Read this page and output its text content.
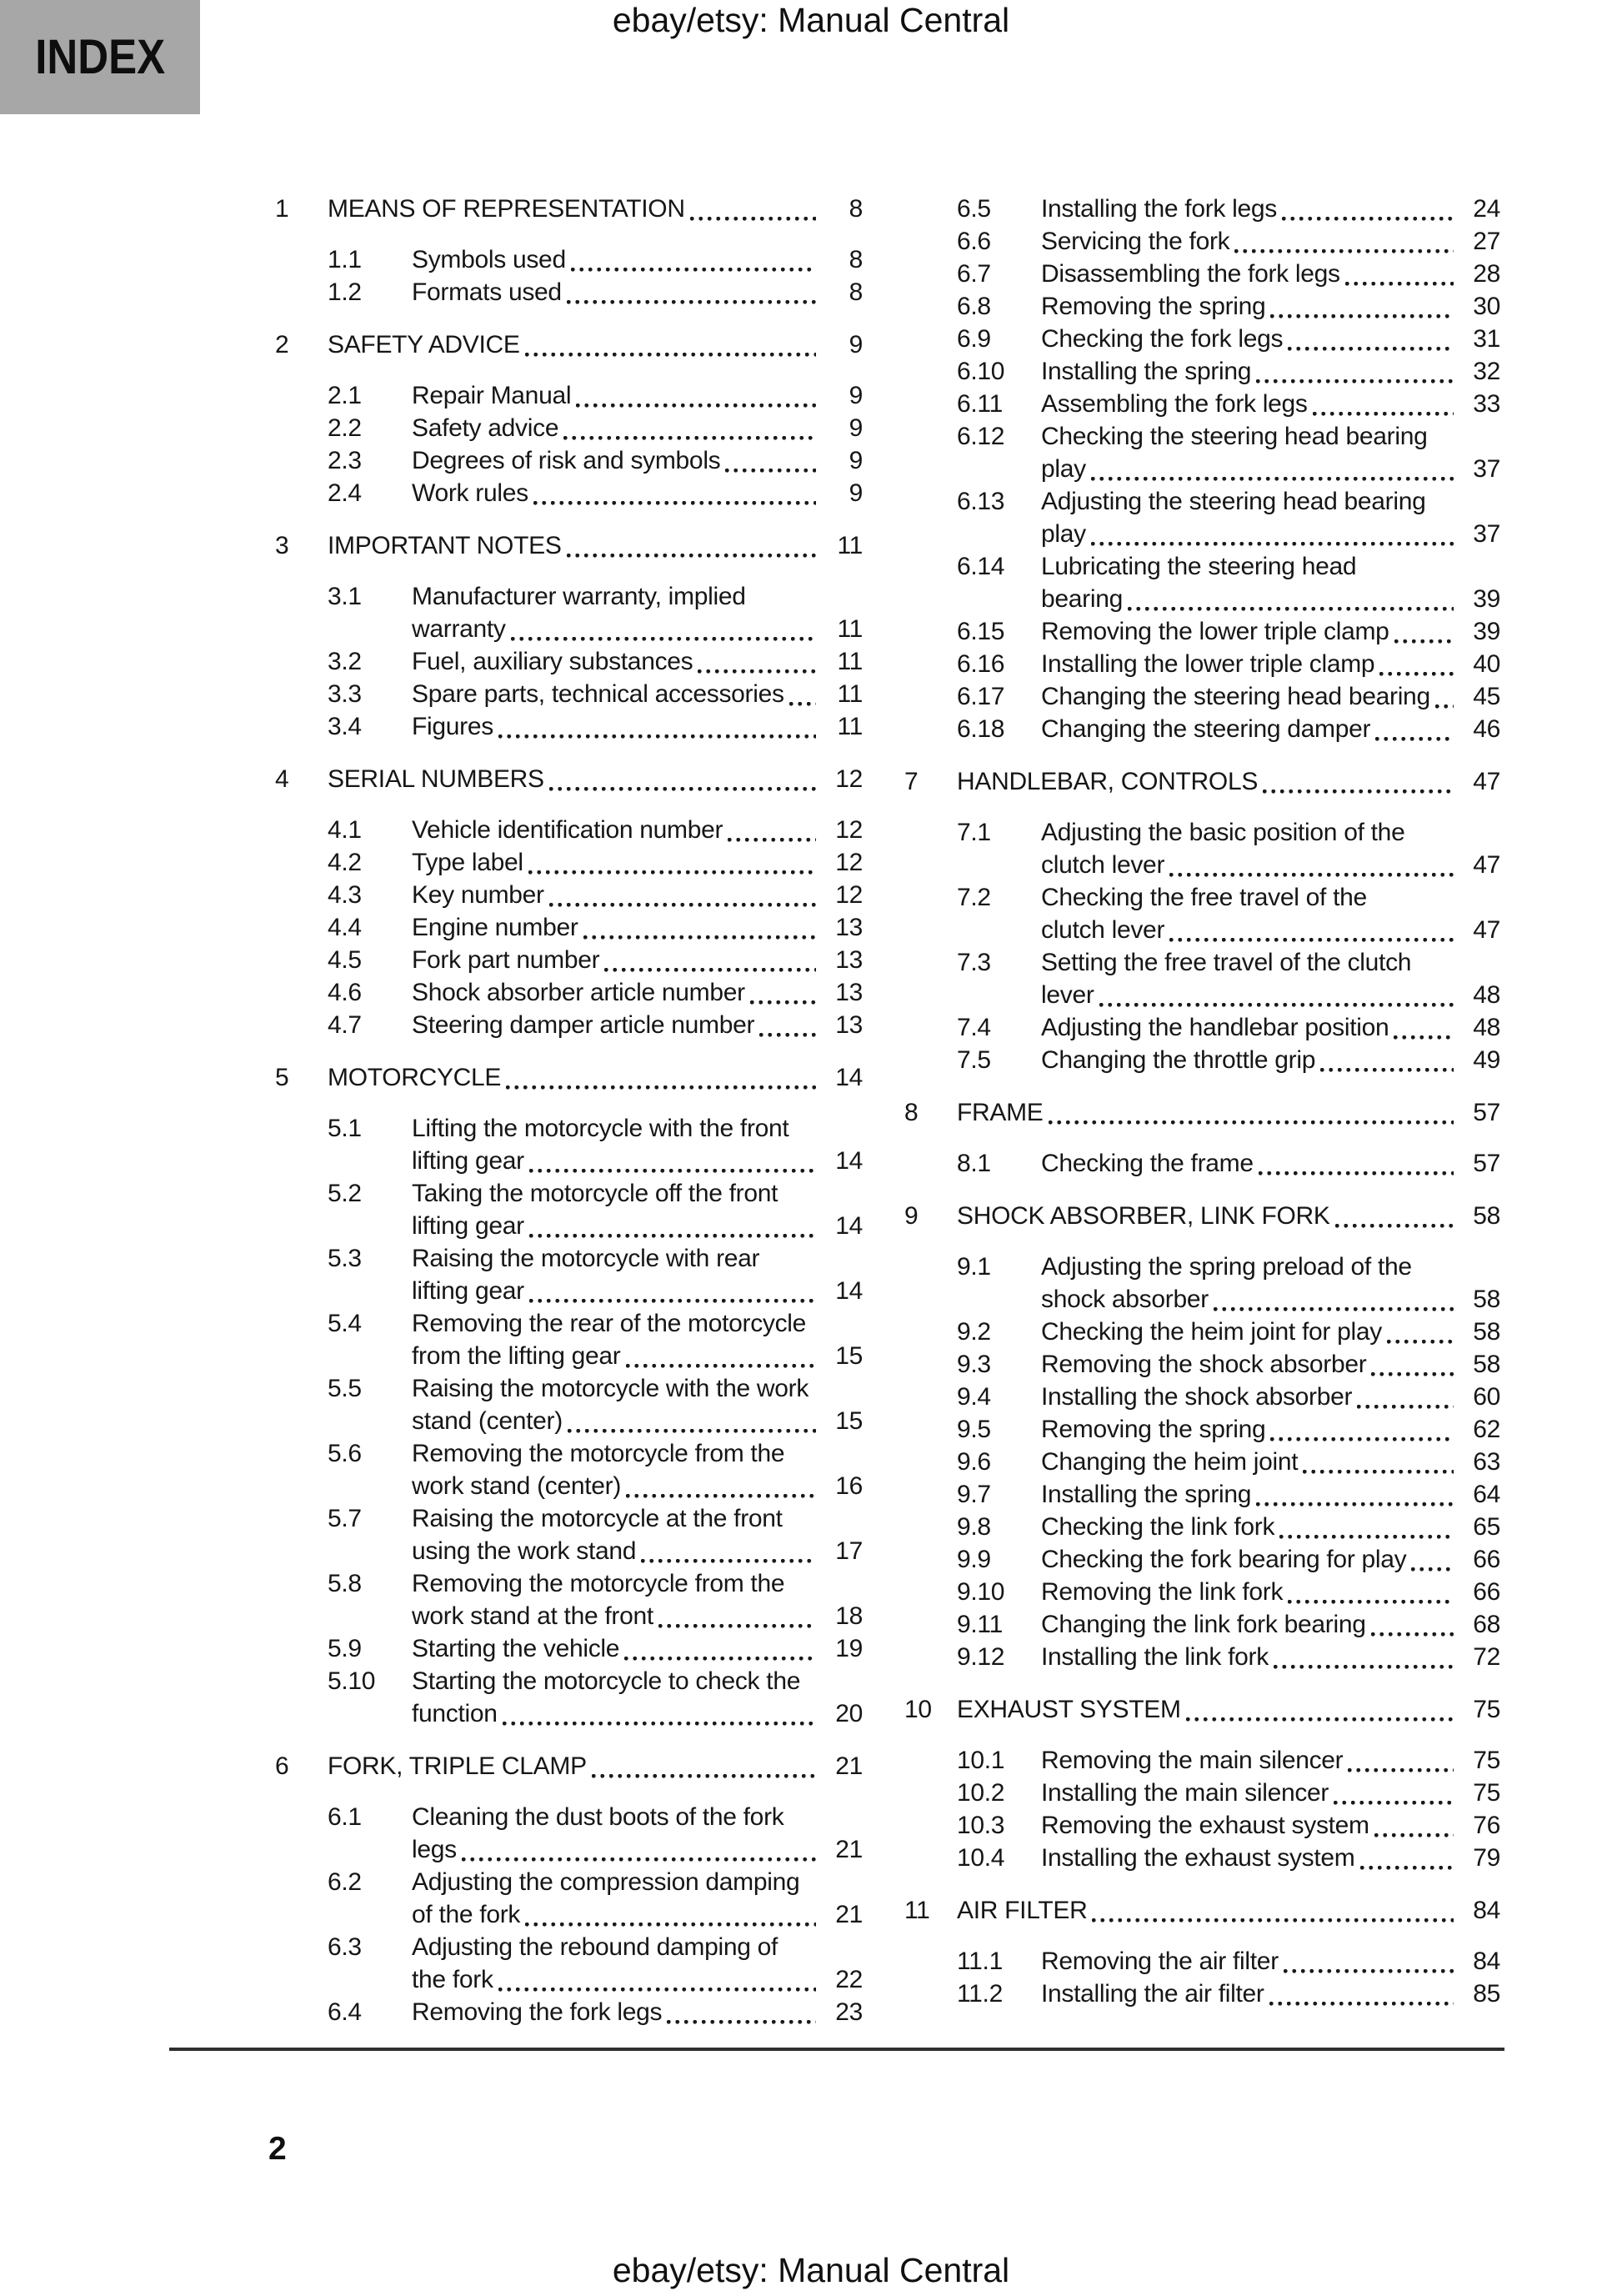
INDEX
ebay/etsy: Manual Central
1	MEANS OF REPRESENTATION	8
1.1	Symbols used	8
1.2	Formats used	8
2	SAFETY ADVICE	9
2.1	Repair Manual	9
2.2	Safety advice	9
2.3	Degrees of risk and symbols	9
2.4	Work rules	9
3	IMPORTANT NOTES	11
3.1	Manufacturer warranty, implied
warranty	11
3.2	Fuel, auxiliary substances	11
3.3	Spare parts, technical accessories	11
3.4	Figures	11
4	SERIAL NUMBERS	12
4.1	Vehicle identification number	12
4.2	Type label	12
4.3	Key number	12
4.4	Engine number	13
4.5	Fork part number	13
4.6	Shock absorber article number	13
4.7	Steering damper article number	13
5	MOTORCYCLE	14
5.1	Lifting the motorcycle with the front
lifting gear	14
5.2	Taking the motorcycle off the front
lifting gear	14
5.3	Raising the motorcycle with rear
lifting gear	14
5.4	Removing the rear of the motorcycle
from the lifting gear	15
5.5	Raising the motorcycle with the work
stand (center)	15
5.6	Removing the motorcycle from the
work stand (center)	16
5.7	Raising the motorcycle at the front
using the work stand	17
5.8	Removing the motorcycle from the
work stand at the front	18
5.9	Starting the vehicle	19
5.10	Starting the motorcycle to check the
function	20
6	FORK, TRIPLE CLAMP	21
6.1	Cleaning the dust boots of the fork
legs	21
6.2	Adjusting the compression damping
of the fork	21
6.3	Adjusting the rebound damping of
the fork	22
6.4	Removing the fork legs	23
6.5	Installing the fork legs	24
6.6	Servicing the fork	27
6.7	Disassembling the fork legs	28
6.8	Removing the spring	30
6.9	Checking the fork legs	31
6.10	Installing the spring	32
6.11	Assembling the fork legs	33
6.12	Checking the steering head bearing
play	37
6.13	Adjusting the steering head bearing
play	37
6.14	Lubricating the steering head
bearing	39
6.15	Removing the lower triple clamp	39
6.16	Installing the lower triple clamp	40
6.17	Changing the steering head bearing	45
6.18	Changing the steering damper	46
7	HANDLEBAR, CONTROLS	47
7.1	Adjusting the basic position of the
clutch lever	47
7.2	Checking the free travel of the
clutch lever	47
7.3	Setting the free travel of the clutch
lever	48
7.4	Adjusting the handlebar position	48
7.5	Changing the throttle grip	49
8	FRAME	57
8.1	Checking the frame	57
9	SHOCK ABSORBER, LINK FORK	58
9.1	Adjusting the spring preload of the
shock absorber	58
9.2	Checking the heim joint for play	58
9.3	Removing the shock absorber	58
9.4	Installing the shock absorber	60
9.5	Removing the spring	62
9.6	Changing the heim joint	63
9.7	Installing the spring	64
9.8	Checking the link fork	65
9.9	Checking the fork bearing for play	66
9.10	Removing the link fork	66
9.11	Changing the link fork bearing	68
9.12	Installing the link fork	72
10	EXHAUST SYSTEM	75
10.1	Removing the main silencer	75
10.2	Installing the main silencer	75
10.3	Removing the exhaust system	76
10.4	Installing the exhaust system	79
11	AIR FILTER	84
11.1	Removing the air filter	84
11.2	Installing the air filter	85
2
ebay/etsy: Manual Central
